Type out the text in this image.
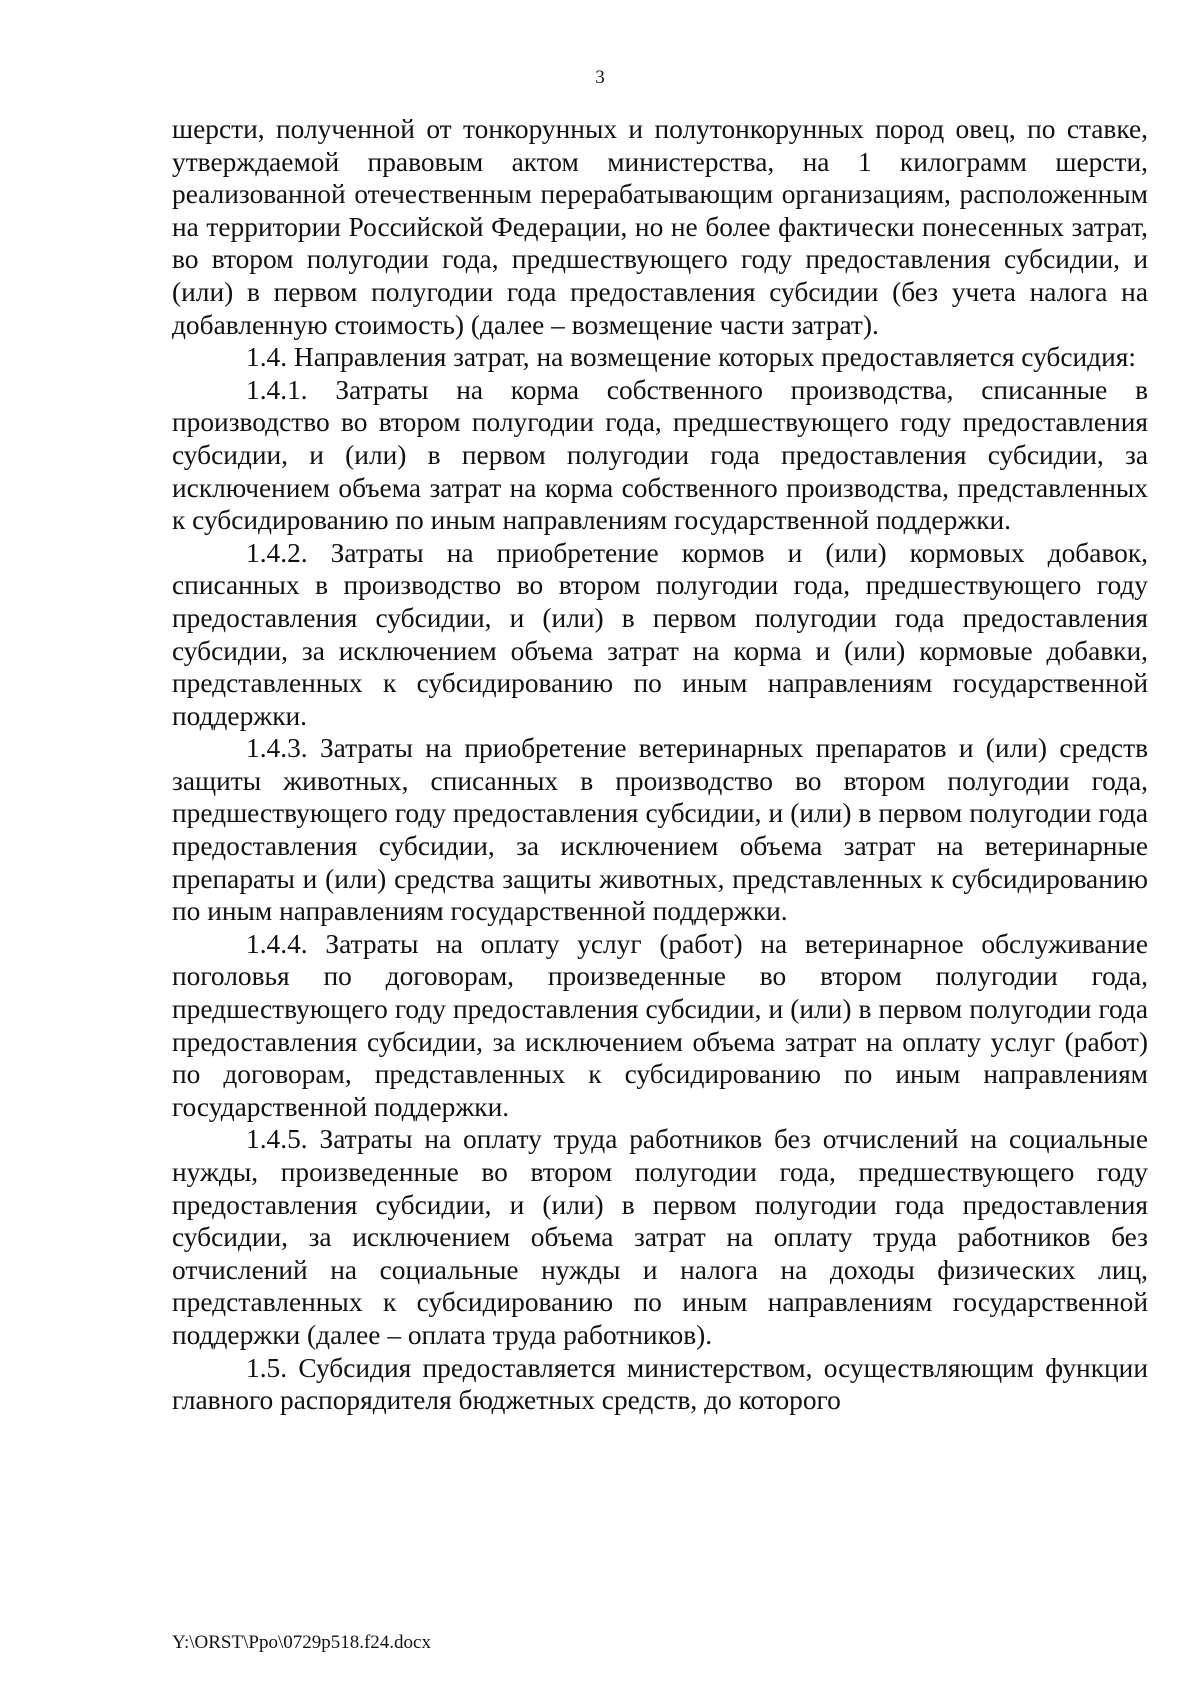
3

шерсти, полученной от тонкорунных и полутонкорунных пород овец, по ставке, утверждаемой правовым актом министерства, на 1 килограмм шерсти, реализованной отечественным перерабатывающим организациям, расположенным на территории Российской Федерации, но не более фактически понесенных затрат, во втором полугодии года, предшествующего году предоставления субсидии, и (или) в первом полугодии года предоставления субсидии (без учета налога на добавленную стоимость) (далее – возмещение части затрат).

1.4. Направления затрат, на возмещение которых предоставляется субсидия:

1.4.1. Затраты на корма собственного производства, списанные в производство во втором полугодии года, предшествующего году предоставления субсидии, и (или) в первом полугодии года предоставления субсидии, за исключением объема затрат на корма собственного производства, представленных к субсидированию по иным направлениям государственной поддержки.

1.4.2. Затраты на приобретение кормов и (или) кормовых добавок, списанных в производство во втором полугодии года, предшествующего году предоставления субсидии, и (или) в первом полугодии года предоставления субсидии, за исключением объема затрат на корма и (или) кормовые добавки, представленных к субсидированию по иным направлениям государственной поддержки.

1.4.3. Затраты на приобретение ветеринарных препаратов и (или) средств защиты животных, списанных в производство во втором полугодии года, предшествующего году предоставления субсидии, и (или) в первом полугодии года предоставления субсидии, за исключением объема затрат на ветеринарные препараты и (или) средства защиты животных, представленных к субсидированию по иным направлениям государственной поддержки.

1.4.4. Затраты на оплату услуг (работ) на ветеринарное обслуживание поголовья по договорам, произведенные во втором полугодии года, предшествующего году предоставления субсидии, и (или) в первом полугодии года предоставления субсидии, за исключением объема затрат на оплату услуг (работ) по договорам, представленных к субсидированию по иным направлениям государственной поддержки.

1.4.5. Затраты на оплату труда работников без отчислений на социальные нужды, произведенные во втором полугодии года, предшествующего году предоставления субсидии, и (или) в первом полугодии года предоставления субсидии, за исключением объема затрат на оплату труда работников без отчислений на социальные нужды и налога на доходы физических лиц, представленных к субсидированию по иным направлениям государственной поддержки (далее – оплата труда работников).

1.5. Субсидия предоставляется министерством, осуществляющим функции главного распорядителя бюджетных средств, до которого

Y:\ORST\Ppo\0729p518.f24.docx
